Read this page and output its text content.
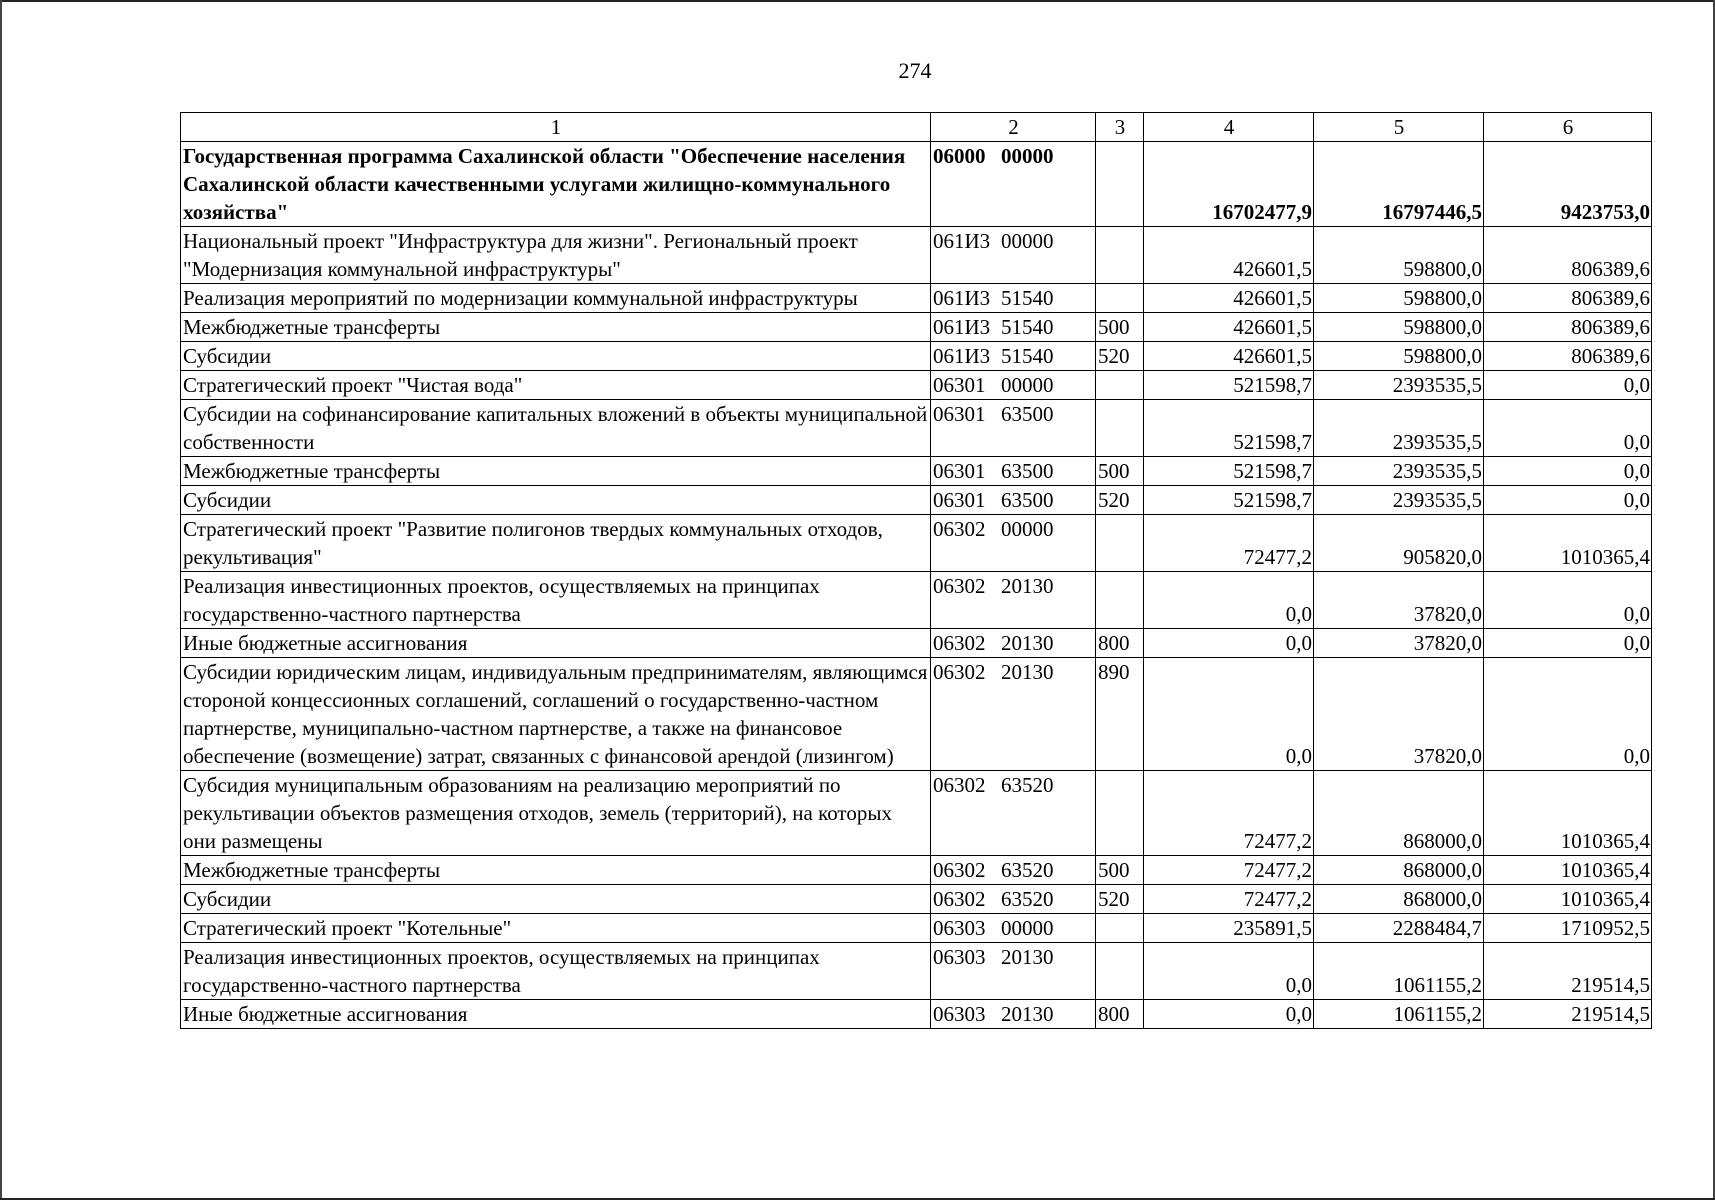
274
1	2	3	4	5	6
Государственная программа Сахалинской области "Обеспечение населения Сахалинской области качественными услугами жилищно-коммунального хозяйства"	06000 00000		16702477,9	16797446,5	9423753,0
Национальный проект "Инфраструктура для жизни". Региональный проект "Модернизация коммунальной инфраструктуры"	061И3 00000		426601,5	598800,0	806389,6
Реализация мероприятий по модернизации коммунальной инфраструктуры	061И3 51540		426601,5	598800,0	806389,6
Межбюджетные трансферты	061И3 51540	500	426601,5	598800,0	806389,6
Субсидии	061И3 51540	520	426601,5	598800,0	806389,6
Стратегический проект "Чистая вода"	06301 00000		521598,7	2393535,5	0,0
Субсидии на софинансирование капитальных вложений в объекты муниципальной собственности	06301 63500		521598,7	2393535,5	0,0
Межбюджетные трансферты	06301 63500	500	521598,7	2393535,5	0,0
Субсидии	06301 63500	520	521598,7	2393535,5	0,0
Стратегический проект "Развитие полигонов твердых коммунальных отходов, рекультивация"	06302 00000		72477,2	905820,0	1010365,4
Реализация инвестиционных проектов, осуществляемых на принципах государственно-частного партнерства	06302 20130		0,0	37820,0	0,0
Иные бюджетные ассигнования	06302 20130	800	0,0	37820,0	0,0
Субсидии юридическим лицам, индивидуальным предпринимателям, являющимся стороной концессионных соглашений, соглашений о государственно-частном партнерстве, муниципально-частном партнерстве, а также на финансовое обеспечение (возмещение) затрат, связанных с финансовой арендой (лизингом)	06302 20130	890	0,0	37820,0	0,0
Субсидия муниципальным образованиям на реализацию мероприятий по рекультивации объектов размещения отходов, земель (территорий), на которых они размещены	06302 63520		72477,2	868000,0	1010365,4
Межбюджетные трансферты	06302 63520	500	72477,2	868000,0	1010365,4
Субсидии	06302 63520	520	72477,2	868000,0	1010365,4
Стратегический проект "Котельные"	06303 00000		235891,5	2288484,7	1710952,5
Реализация инвестиционных проектов, осуществляемых на принципах государственно-частного партнерства	06303 20130		0,0	1061155,2	219514,5
Иные бюджетные ассигнования	06303 20130	800	0,0	1061155,2	219514,5
